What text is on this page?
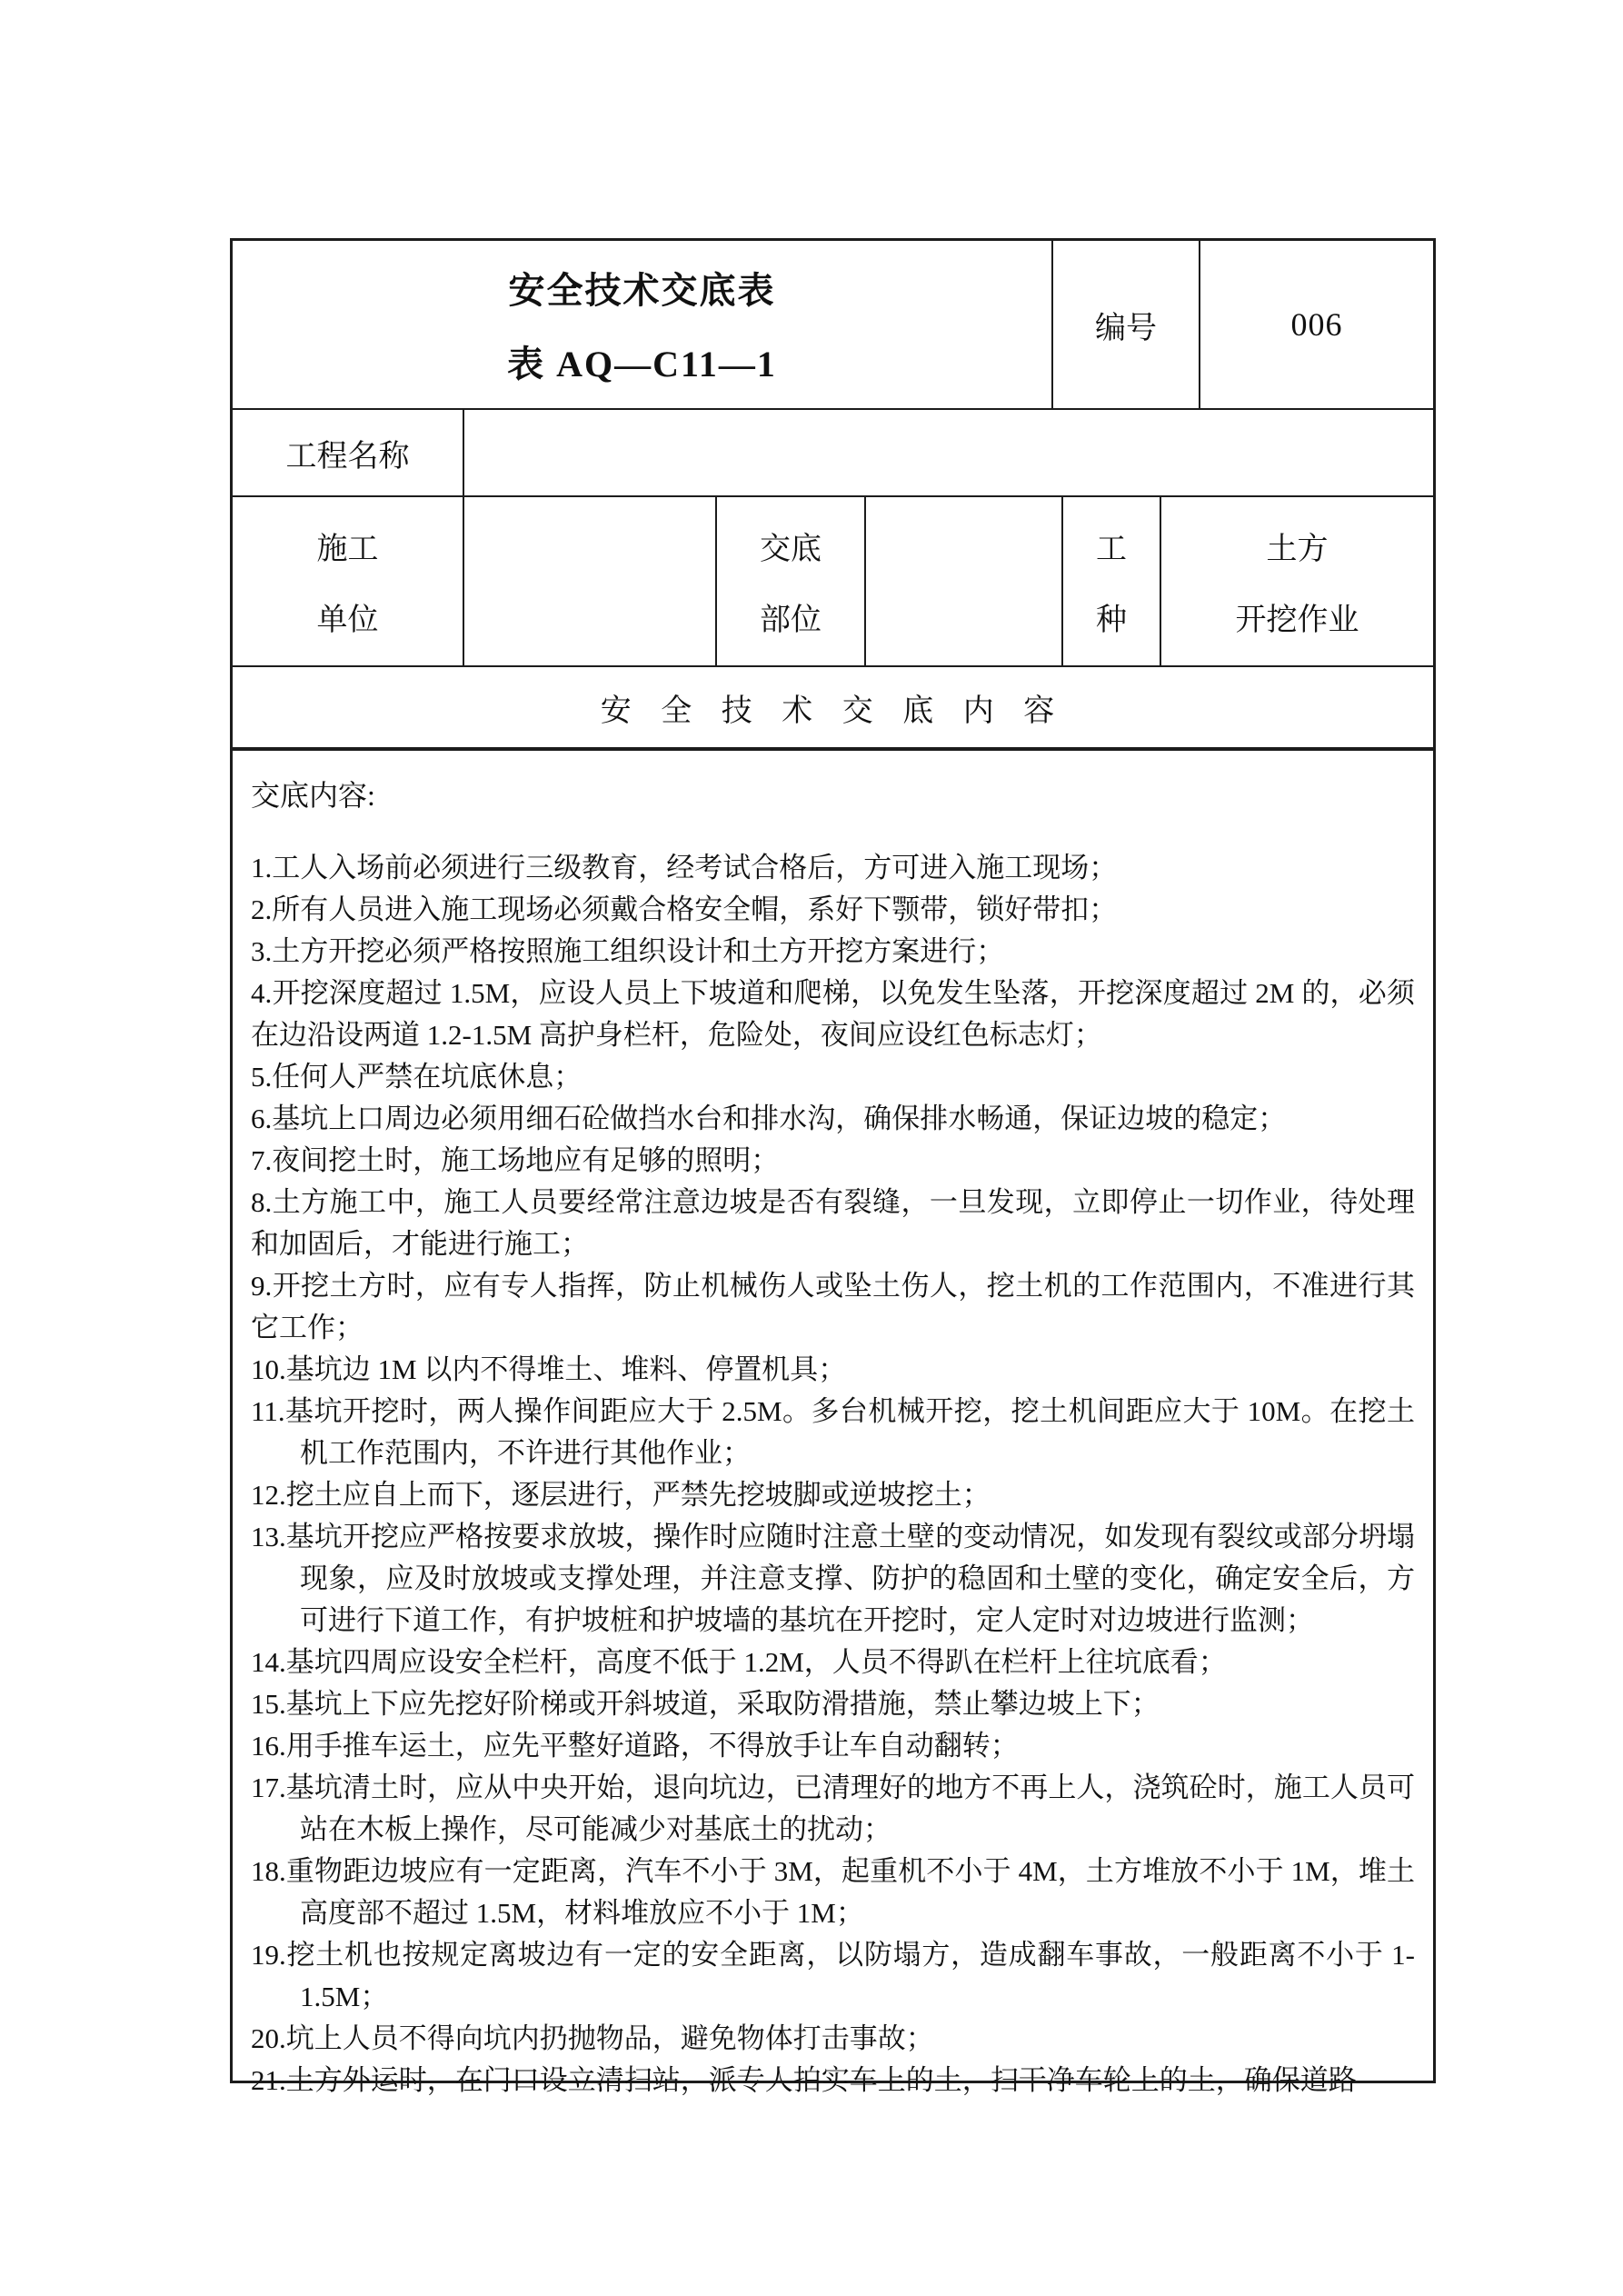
安全技术交底表
表 AQ—C11—1
编号	006
工程名称
施工
单位
交底
部位
工
种
土方
开挖作业
安 全 技 术 交 底 内 容
交底内容:
1.工人入场前必须进行三级教育，经考试合格后，方可进入施工现场；
2.所有人员进入施工现场必须戴合格安全帽，系好下颚带，锁好带扣；
3.土方开挖必须严格按照施工组织设计和土方开挖方案进行；
4.开挖深度超过 1.5M，应设人员上下坡道和爬梯，以免发生坠落，开挖深度超过 2M 的，必须在边沿设两道 1.2-1.5M 高护身栏杆，危险处，夜间应设红色标志灯；
5.任何人严禁在坑底休息；
6.基坑上口周边必须用细石砼做挡水台和排水沟，确保排水畅通，保证边坡的稳定；
7.夜间挖土时，施工场地应有足够的照明；
8.土方施工中，施工人员要经常注意边坡是否有裂缝，一旦发现，立即停止一切作业，待处理和加固后，才能进行施工；
9.开挖土方时，应有专人指挥，防止机械伤人或坠土伤人，挖土机的工作范围内，不准进行其它工作；
10.基坑边 1M 以内不得堆土、堆料、停置机具；
11.基坑开挖时，两人操作间距应大于 2.5M。多台机械开挖，挖土机间距应大于 10M。在挖土机工作范围内，不许进行其他作业；
12.挖土应自上而下，逐层进行，严禁先挖坡脚或逆坡挖土；
13.基坑开挖应严格按要求放坡，操作时应随时注意土壁的变动情况，如发现有裂纹或部分坍塌现象，应及时放坡或支撑处理，并注意支撑、防护的稳固和土壁的变化，确定安全后，方可进行下道工作，有护坡桩和护坡墙的基坑在开挖时，定人定时对边坡进行监测；
14.基坑四周应设安全栏杆，高度不低于 1.2M，人员不得趴在栏杆上往坑底看；
15.基坑上下应先挖好阶梯或开斜坡道，采取防滑措施，禁止攀边坡上下；
16.用手推车运土，应先平整好道路，不得放手让车自动翻转；
17.基坑清土时，应从中央开始，退向坑边，已清理好的地方不再上人，浇筑砼时，施工人员可站在木板上操作，尽可能减少对基底土的扰动；
18.重物距边坡应有一定距离，汽车不小于 3M，起重机不小于 4M，土方堆放不小于 1M，堆土高度部不超过 1.5M，材料堆放应不小于 1M；
19.挖土机也按规定离坡边有一定的安全距离，以防塌方，造成翻车事故，一般距离不小于 1-1.5M；
20.坑上人员不得向坑内扔抛物品，避免物体打击事故；
21.土方外运时，在门口设立清扫站，派专人拍实车上的土，扫干净车轮上的土，确保道路
